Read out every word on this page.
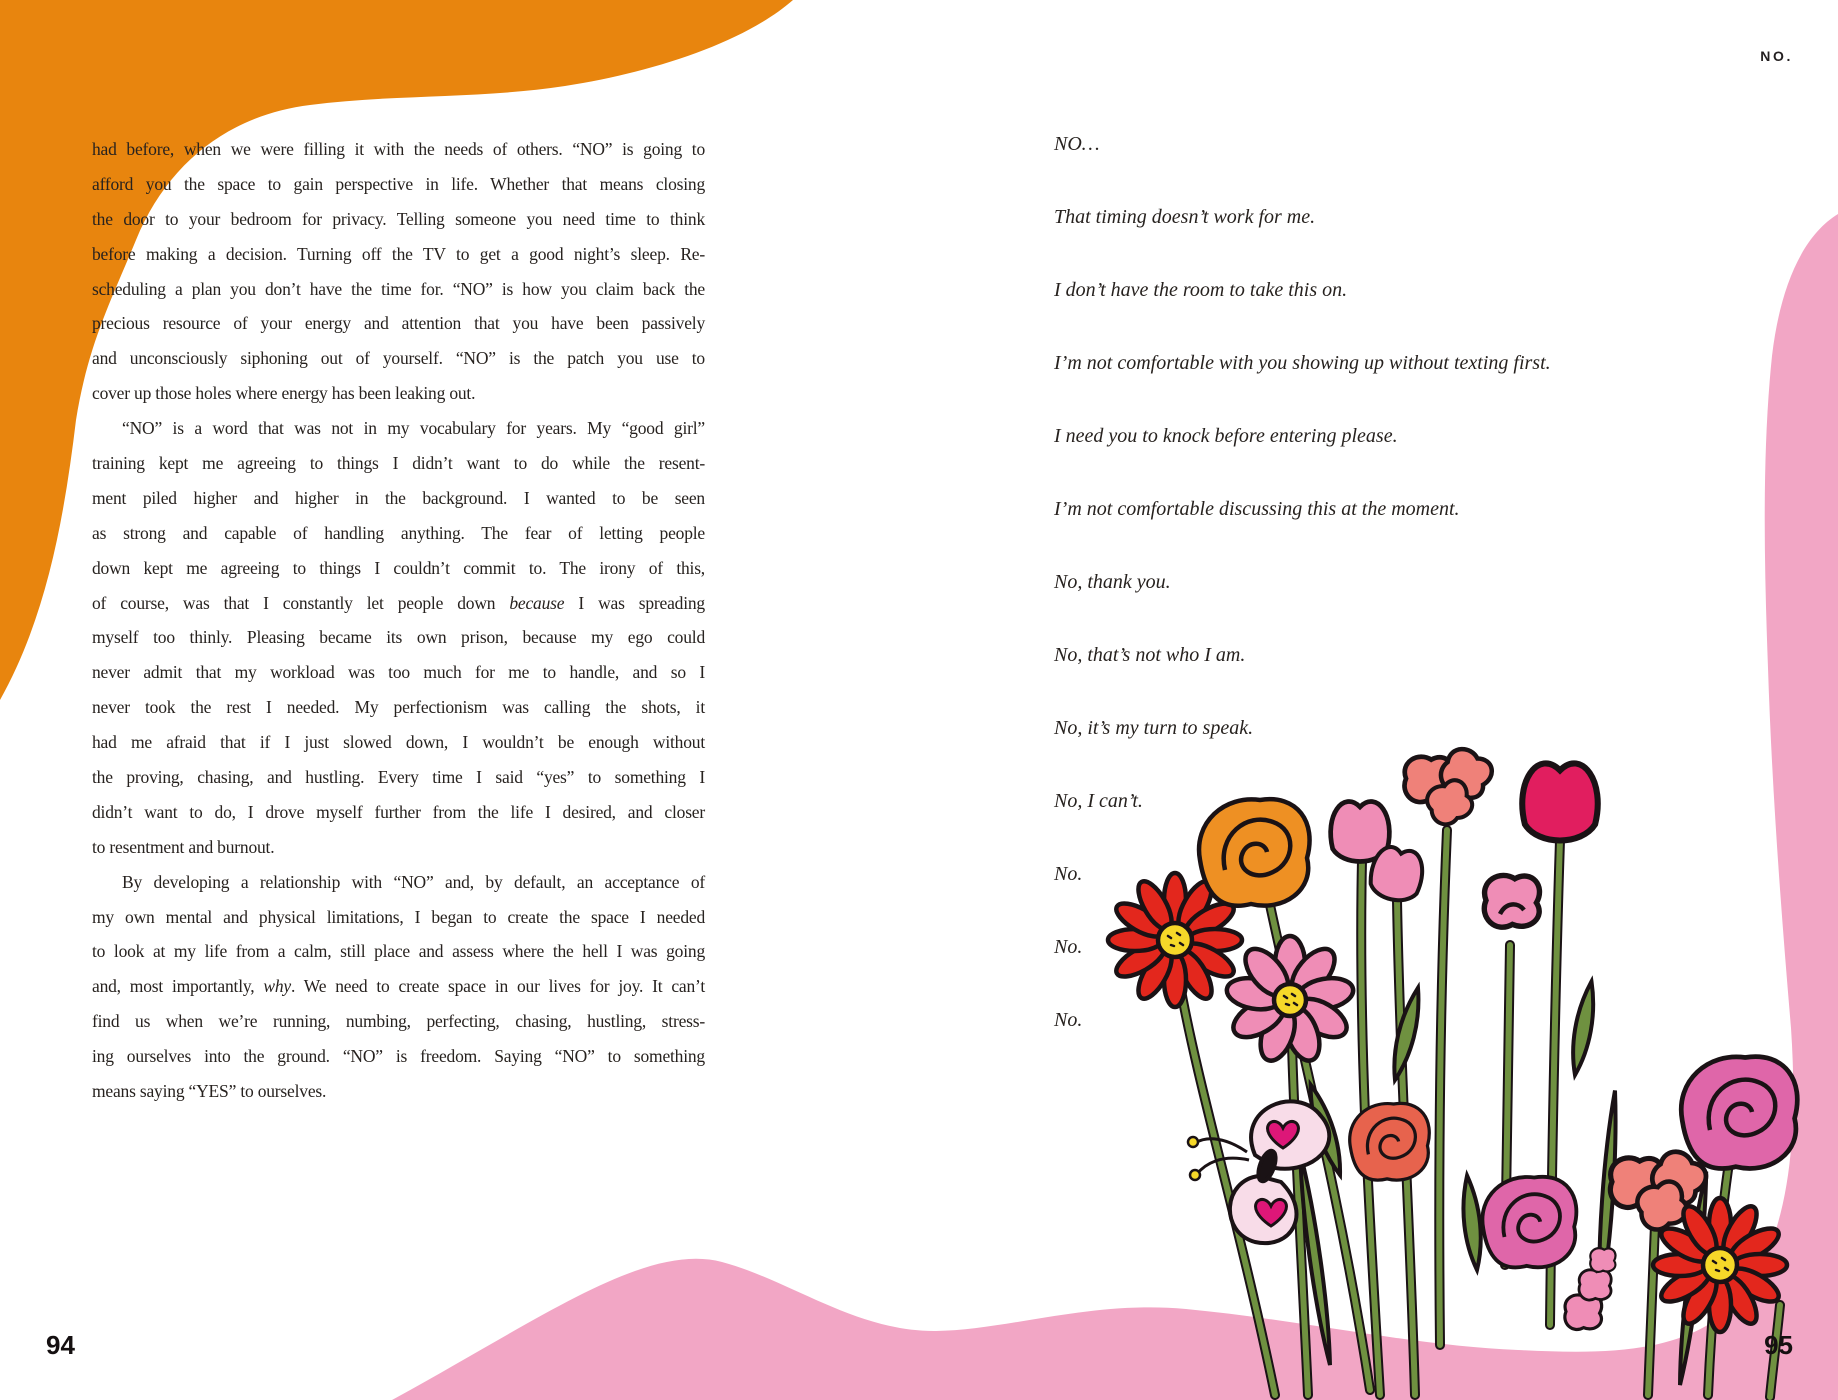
NO.
had before, when we were filling it with the needs of others. “NO” is going to
afford you the space to gain perspective in life. Whether that means closing
the door to your bedroom for privacy. Telling someone you need time to think
before making a decision. Turning off the TV to get a good night’s sleep. Re-
scheduling a plan you don’t have the time for. “NO” is how you claim back the
precious resource of your energy and attention that you have been passively
and unconsciously siphoning out of yourself. “NO” is the patch you use to
cover up those holes where energy has been leaking out.
“NO” is a word that was not in my vocabulary for years. My “good girl”
training kept me agreeing to things I didn’t want to do while the resent-
ment piled higher and higher in the background. I wanted to be seen
as strong and capable of handling anything. The fear of letting people
down kept me agreeing to things I couldn’t commit to. The irony of this,
of course, was that I constantly let people down because I was spreading
myself too thinly. Pleasing became its own prison, because my ego could
never admit that my workload was too much for me to handle, and so I
never took the rest I needed. My perfectionism was calling the shots, it
had me afraid that if I just slowed down, I wouldn’t be enough without
the proving, chasing, and hustling. Every time I said “yes” to something I
didn’t want to do, I drove myself further from the life I desired, and closer
to resentment and burnout.
By developing a relationship with “NO” and, by default, an acceptance of
my own mental and physical limitations, I began to create the space I needed
to look at my life from a calm, still place and assess where the hell I was going
and, most importantly, why. We need to create space in our lives for joy. It can’t
find us when we’re running, numbing, perfecting, chasing, hustling, stress-
ing ourselves into the ground. “NO” is freedom. Saying “NO” to something
means saying “YES” to ourselves.
NO…
That timing doesn’t work for me.
I don’t have the room to take this on.
I’m not comfortable with you showing up without texting first.
I need you to knock before entering please.
I’m not comfortable discussing this at the moment.
No, thank you.
No, that’s not who I am.
No, it’s my turn to speak.
No, I can’t.
No.
No.
No.
94	95
